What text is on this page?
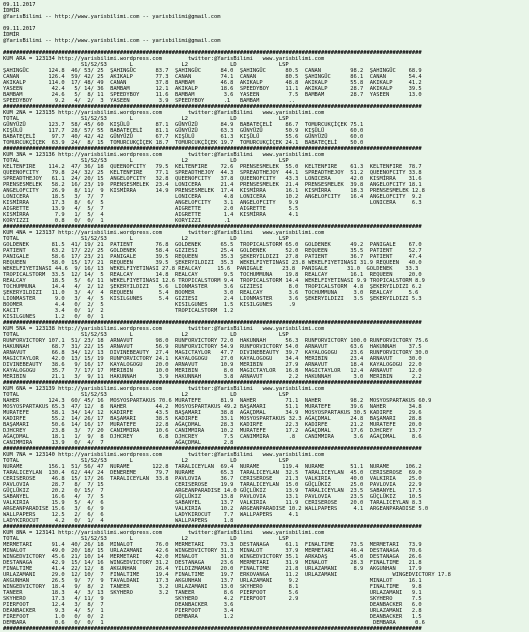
09.11.2017
İDMİR
@YarisBilimi -- http://www.yarisbilimi.com -- yarisbilimi@gmail.com
09.11.2017
İDMİR
@YarisBilimi -- http://www.yarisbilimi.com -- yarisbilimi@gmail.com
#################################################################################################################################
KUM ARA = 123134 http://yarisbilimi.wordpress.com        twitter:@YarisBilimi   www.yarisbilimi.com
S1/S2/S3       L               L2             LD             LSP
ŞAHINGÜC      124.8  46/ 53/ 25  ŞAHINGÜC      83.7  ŞAHINGÜC      84.0  ŞAHINGÜC      80.5  CANAN         98.2  ŞAHINGÜC    68.9
CANAN         126.4  59/ 42/ 25  AKIKALP       77.3  CANAN         74.1  CANAN         80.5  ŞAHINGÜC      86.1  CANAN       54.4
AKIKALP       114.0  17/ 48/ 49  CANAN         37.8  BAMBAM        46.8  AKIKALP       48.8  AKIKALP       55.8  AKIKALP     41.2
YASEEN         42.4   5/ 14/ 36  BAMBAM        12.1  AKIKALP       18.6  SPEEDYBOY     11.1  AKIKALP       28.7  AKIKALP     39.5
BAMBAM         24.6   5/  8/ 11  SPEEDYBOY     11.6  BAMBAM         3.6  YASEEN         7.5  BAMBAM        28.7  YASEEN      13.0
SPEEDYBOY       9.2   4/  2/  3  YASEEN         3.9  SPEEDYBOY      .1   BAMBAM         ..
#################################################################################################################################
KUM 2NA = 123135 http://yarisbilimi.wordpress.com        twitter:@YarisBilimi   www.yarisbilimi.com
TOTAL                   S1/S2/S3       L               L2             LD             LSP
GÜNYÜZÜ       123.7  58/ 45/ 60  KIŞÜLÜ        87.1  GÜNYÜZÜ       84.9  BABATEÇELİ    86.7  TOMURCUKÇİÇEK 75.1
KIŞÜLÜ        117.7  28/ 57/ 55  BABATEÇELİ    81.1  GÜNYÜZÜ       63.3  GÜNYÜZÜ       50.9  KIŞÜLÜ        60.0
BABATEÇELİ     97.7  40/ 42/ 42  GÜNYÜZÜ       67.7  KIŞÜLÜ        61.3  KIŞÜLÜ        55.6  GÜNYÜZÜ       60.0
TOMURCUKÇİÇEK  63.9  24/  8/ 15  TOMURCUKÇİÇEK 18.7  TOMURCUKÇİÇEK 19.7  TOMURCUKÇİÇEK 24.1  BABATEÇELİ    50.0
#################################################################################################################################
KUM 3NA = 123136 http://yarisbilimi.wordpress.com        twitter:@YarisBilimi   www.yarisbilimi.com
TOTAL                   S1/S2/S3       L               L2             LD             LSP
KELTENFIRE    114.2  47/ 36/ 18  QUEENOFCITY   79.5  KELTENFIRE    72.6  PRENSESMELEK  55.0  KELTENFIRE    61.3  KELTENFIRE  78.7
QUEENOFCITY    79.8  24/ 32/ 25  KELTENFIRE    77.1  SPREADTHEJOY  44.3  SPREADTHEJOY  44.1  SPREADTHEJOY  51.2  QUEENOFCITY 33.8
SPREADTHEJOY   61.1  24/ 20/ 15  ANGELOFCITY   32.8  QUEENOFCITY   37.8  QUEENOFCITY   43.3  LONICERA      42.0  KISMİRRA    31.6
PRENSESMELEK   58.2  16/ 23/ 19  PRENSESMELEK  23.4  LONICERA      21.4  PRENSESMELEK  21.4  PRENSESMELEK  39.8  ANGELOFCITY 18.1
ANGELOFCITY    26.9   8/ 11/  9  KISMİRRA      14.9  PRENSESMELEK  17.4  KISMİRRA      16.1  KISMİRRA      18.3  PRENSESMELEK 12.8
LONICERA       18.5   3/  7/  7                      LONICERA       4.8  LONICERA      10.2  ANGELOFCITY   16.4  ANGELOFCITY  9.2
KISMİRRA       17.3   8/  6/  5                      ANGELOFCITY    3.1  ANGELOFCITY    9.9                      LONICERA     6.3
AIGRETTE       13.9   4/  5/  7                      AIGRETTE       2.0  AIGRETTE       5.5
KISMİRRA        7.9   1/  5/  4                      AIGRETTE       1.4  KISMİRRA       4.1
KORYIZZI        0.8   0/  0/  1                      KORYIZZI       .1
#################################################################################################################################
KUM 4NA = 123137 http://yarisbilimi.wordpress.com        twitter:@YarisBilimi   www.yarisbilimi.com
TOTAL                   S1/S2/S3       L               L2             LD             LSP
GOLDENEK       81.5  41/ 19/ 21  PATIENT       76.8  GOLDENEK      65.5  TROPICALSTORM 65.0  GOLDENEK      49.2  PANIGALE    67.0
PATIENT        63.2  17/ 22/ 25  GOLDENEK      58.4  GIZIESI       25.4  GOLDENEK      52.0  REQUEEN       35.5  PATIENT     52.7
PANIGALE       58.6  17/ 23/ 21  PANIGALE      39.5  REQUEEN       35.3  ŞEKERYILDIZI  27.8  PATIENT       36.7  PATIENT     47.4
REQUEEN        58.0  15/ 17/ 21  REQUEEN       39.5  ŞEKERYILDIZI  35.3  WEKELFIYETINASI 23.8 WEKELFIYETINASI 31.9 REQUEEN   40.0
WEKELFIYETINASI 44.6  9/ 16/ 13  WEKELFIYETINASI 27.8 REALCAY     15.6  PANIGALE      23.8  PANIGALE      31.0  GOLDENEK    33.3
TROPICALSTORM  33.5  12/ 14/  5  REALCAY       14.8  REALCAY        9.5  TOCHUMMUNA    19.8  REALCAY       16.1  REQUEEN     20.0
REALCAY        18.5   5/  6/ 11  WEKELFIYETINASI 12.6 TROPICALSTORM 9.4  TROPICALSTORM 14.4  WEKELFIYETINASI 9.9 TROPICALSTORM 8.9
TOCHUMMUNA     14.4   4/  2/ 12  ŞEKERYILDIZI   5.6  LIONMASTER     3.6  GIZIESI        8.0  TROPICALSTORM  4.8  ŞEKERYILDIZI 6.2
ŞEKERYILDIZI   11.0   3/  4/  4  REQUEEN        5.4  BOOMER         3.0  REALCAY        3.6  TOCHUMMUNA     3.0  REALCAY     5.6
LIONMASTER      9.0   3/  4/  5  KISILGUNES     5.4  GIZIESI        2.4  LIONMASTER     3.6  ŞEKERYILDIZI   3.5  ŞEKERYILDIZI 5.3
BOOMER          4.4   0/  2/  5                      KISILGUNES     1.5  KISILGUNES     .9
KACIT           3.4   0/  1/  2                      TROPICALSTORM  1.2
KISILGUNES      1.2   0/  0/  1
#################################################################################################################################
KUM 5NA = 123138 http://yarisbilimi.wordpress.com        twitter:@YarisBilimi   www.yarisbilimi.com
TOTAL                   S1/S2/S3       L               L2             LD             LSP
RUNFORVICTORY 107.1  51/ 23/ 18  ARNAVUT       98.0  RUNFORVICTORY 72.0  HAKUNNAH      56.3  RUNFORVICTORY 100.0 RUNFORVICTORY 75.6
HAKUNNAH       68.7  31/ 22/ 15  ARNAVUT       56.9  RUNFORVICTORY 54.9  RUNFORVICTORY 54.0  ARNAVUT       63.6  HAKUNNAH    37.5
ARNAVUT        66.8  34/ 12/ 13  DIVINEBEAUTY  27.4  MAGICTAYLOR   47.7  DIVINEBEAUTY  39.7  KAYALOGOGU    23.6  RUNFORVICTORY 30.0
MAGICTAYLOR    42.0  13/ 15/ 19  RUNFORVICTORY 24.1  KAYALOGOGU    27.0  KAYALOGOGU    34.4  MERIBIN       23.4  ARNAVUT     30.0
DIVINEBEAUTY   38.6   9/ 16/ 17  KAYALOGOGU    20.0  ARNAVUT       10.9  MERIBIN       27.9  ARNAVUT       18.4  KAYALOGOGU  22.0
KAYALOGOGU     35.7   7/ 17/ 17  MERIBIN       10.0  MERIBIN        8.0  MAGICTAYLOR   16.8  MAGICTAYLOR   12.4  ARNAVUT     12.0
MERIBIN        21.1   3/  9/ 11  HAKUNNAH       3.9  HAKUNNAH       3.8  ARNAVUT        2.2  HAKUNNAH       3.0  MERIBIN      2.2
#################################################################################################################################
KUM 6NA = 123139 http://yarisbilimi.wordpress.com        twitter:@YarisBilimi   www.yarisbilimi.com
TOTAL                   S1/S2/S3       L               L2             LD             LSP
NAHER         124.3  60/ 45/ 16  MOSYOSPARTAKUS 70.6 MURATEFE      81.9  NAHER         71.1  NAHER         98.2  MOSYOSPARTAKUS 60.9
MOSYOSPARTAKUS 65.3  47/ 12/  8  NAHER         44.2  MOSYOSPARTAKUS 49.2 BAŞAMARI      51.1  MURATEFE      39.6  NAHER       34.8
MURATEFE       58.1  34/ 14/ 12  KADIRFE       43.5  BAŞAMARI      38.8  AĞAÇDMAL      34.9  MOSYOSPARTAKUS 30.5 KADIRFE     29.6
KADIRFE        55.2  14/ 26/ 17  BAŞAMARI      38.5  KADIRFE       33.1  MOSYOSPARTAKUS 32.3 AĞAÇDMAL      24.8  BAŞAMARI    28.8
BAŞAMARI       50.6  14/ 16/ 17  MURATEFE      22.8  AĞAÇDMAL      28.3  KADIRFE       22.3  KADIRFE       21.2  MURATEFE    20.0
DJHCREY        23.8   3/  7/ 20  CANIMMIRA     10.6  CANIMMIRA     10.2  MURATEFE      17.2  AĞAÇDMAL      17.6  DJHCREY     13.7
AĞAÇDMAL       18.1   1/  9/  8  DJHCREY        6.8  DJHCREY        7.5  CANIMMIRA      .8   CANIMMIRA      3.6  AĞAÇDMAL     8.6
CANIMMIRA      13.9   0/  4/  7                      AĞAÇDMAL       2.8
#################################################################################################################################
KUM 7NA = 123140 http://yarisbilimi.wordpress.com        twitter:@YarisBilimi   www.yarisbilimi.com
TOTAL                   S1/S2/S3       L               L2             LD             LSP
NURAME        156.1  51/ 56/ 47  NURAME       122.8  TARALICEYLAN  69.4  NURAME       119.4  NURAME        51.1  NURAME     106.2
TARALICEYLAN  130.4  62/ 44/ 24  DENEREME      79.7  NURAME        65.3  TARALICEYLAN  32.5  TARALICEYLAN  45.0  CERISEROSE  69.0
CERISEROSE     46.8  15/ 17/ 26  TARALICEYLAN  33.8  PAVLOVIA      36.7  CERISEROSE    21.3  VALKIRIA      40.0  VALKIRIA    25.0
PAVLOVIA       28.7   8/  7/ 15                      CERISEROSE    19.9  TARALICEYLAN  15.0  GÜÇLÜKIZ      25.0  PAVLOVIA    22.9
GÜÇLÜKIZ       20.2   0/ 15/  7                      ARGEANPARADISE 14.0 GÜÇLÜKIZ      13.9  TARALICEYLAN  23.5  SABANYEL    17.5
SABANYEL       16.6   4/  7/  5                      GÜÇLÜKIZ      13.8  PAVLOVIA      13.1  PAVLOVIA      23.5  GÜÇLÜKIZ    10.5
VALKIRIA       15.9   5/  4/  6                      SABANYEL      13.7  VALKIRIA      11.9  CERISEROSE    20.0  TARALICEYLAN 8.3
ARGEANPARADISE 15.6   3/  6/  9                      VALKIRIA      10.2  ARGEANPARADISE 10.2 WALLPAPERS     4.1  ARGEANPARADISE 5.0
WALLPAPERS     12.5   2/  6/  6                      LADYKIROCUT    7.7  WALLPAPERS     4.1
LADYKIROCUT     4.2   0/  1/  4                      WALLPAPERS     1.8
#################################################################################################################################
KUM 8NA = 123141 http://yarisbilimi.wordpress.com        twitter:@YarisBilimi   www.yarisbilimi.com
TOTAL                   S1/S2/S3       L               L2             LD             LSP
MERMETARI      91.4  40/ 26/ 18  MINALOT       76.0  MERMETARI     73.3  DESTANAGA     61.1  FINALTIME     73.5  MERMETARI   73.9
MINALOT        49.0  20/ 18/ 15  URLAZAMANI    42.6  WINGEDVICTORY 31.3  MINALOT       37.9  MERMETARI     46.4  DESTANAGA   70.6
WINGEDVICTORY  45.6  21/ 10/ 14  MERMETARI     42.0  MINALOT       31.0  WINGEDVICTORY 35.1  ARKADAŞ       45.0  DESTANAGA   26.6
DESTANAGA      42.9  15/ 14/ 16  WINGEDVICTORY 31.2  DESTANAGA     23.6  MERMETARI     31.9  MINALOT       28.3  FINALTIME   21.8
FINALTIME      41.4  22/ 12/  8  AKGUNHAN      26.4  YILDIZMAMAN   20.0  FINALTIME     21.8  URLAZAMANI     8.9  AKGUNHAN    17.9
URLAZAMANI     29.0  12/ 10/  7  FINALTIME     19.4  FINALTIME     19.7  ERKOVANGA     11.2  URLAZAMANI                 WINGEDVICTORY 17.8
AKGUNHAN       26.5   9/  7/  9  TAVALDANI     17.3  AKGUNHAN      13.7  URLAZAMANI     9.2                      MINALOT     16.1
WINGEDVICTORY  18.4   9/  8/  2  TANEER         3.2  URLAZAMANI    13.0  SKYHERO        8.1                      FINALTIME    9.8
TANEER         18.3   4/  3/ 13  SKYHERO        3.2  TANEER         8.6  PIERFOOT       5.6                      URLAZAMANI   9.1
SKYHERO        17.3   4/ 11/  9                      SKYHERO        4.2  FIERFOOT       2.9                      SKYHERO      7.5
PIERFOOT       12.4   3/  8/  7                      DEANBACKER     3.6                                          DEANBACKER   6.0
DEANBACKER      9.3   4/  5/  1                      PIERFOOT       3.4                                          URLAZAMANI   2.8
FIREFOOT        1.0   0/  0/  2                      DEMBARA        1.2                                          DEANBACKER   1.5
DEMBARA         0.6   0/  0/  1                                                                                   DEMBARA      0.6
#################################################################################################################################
